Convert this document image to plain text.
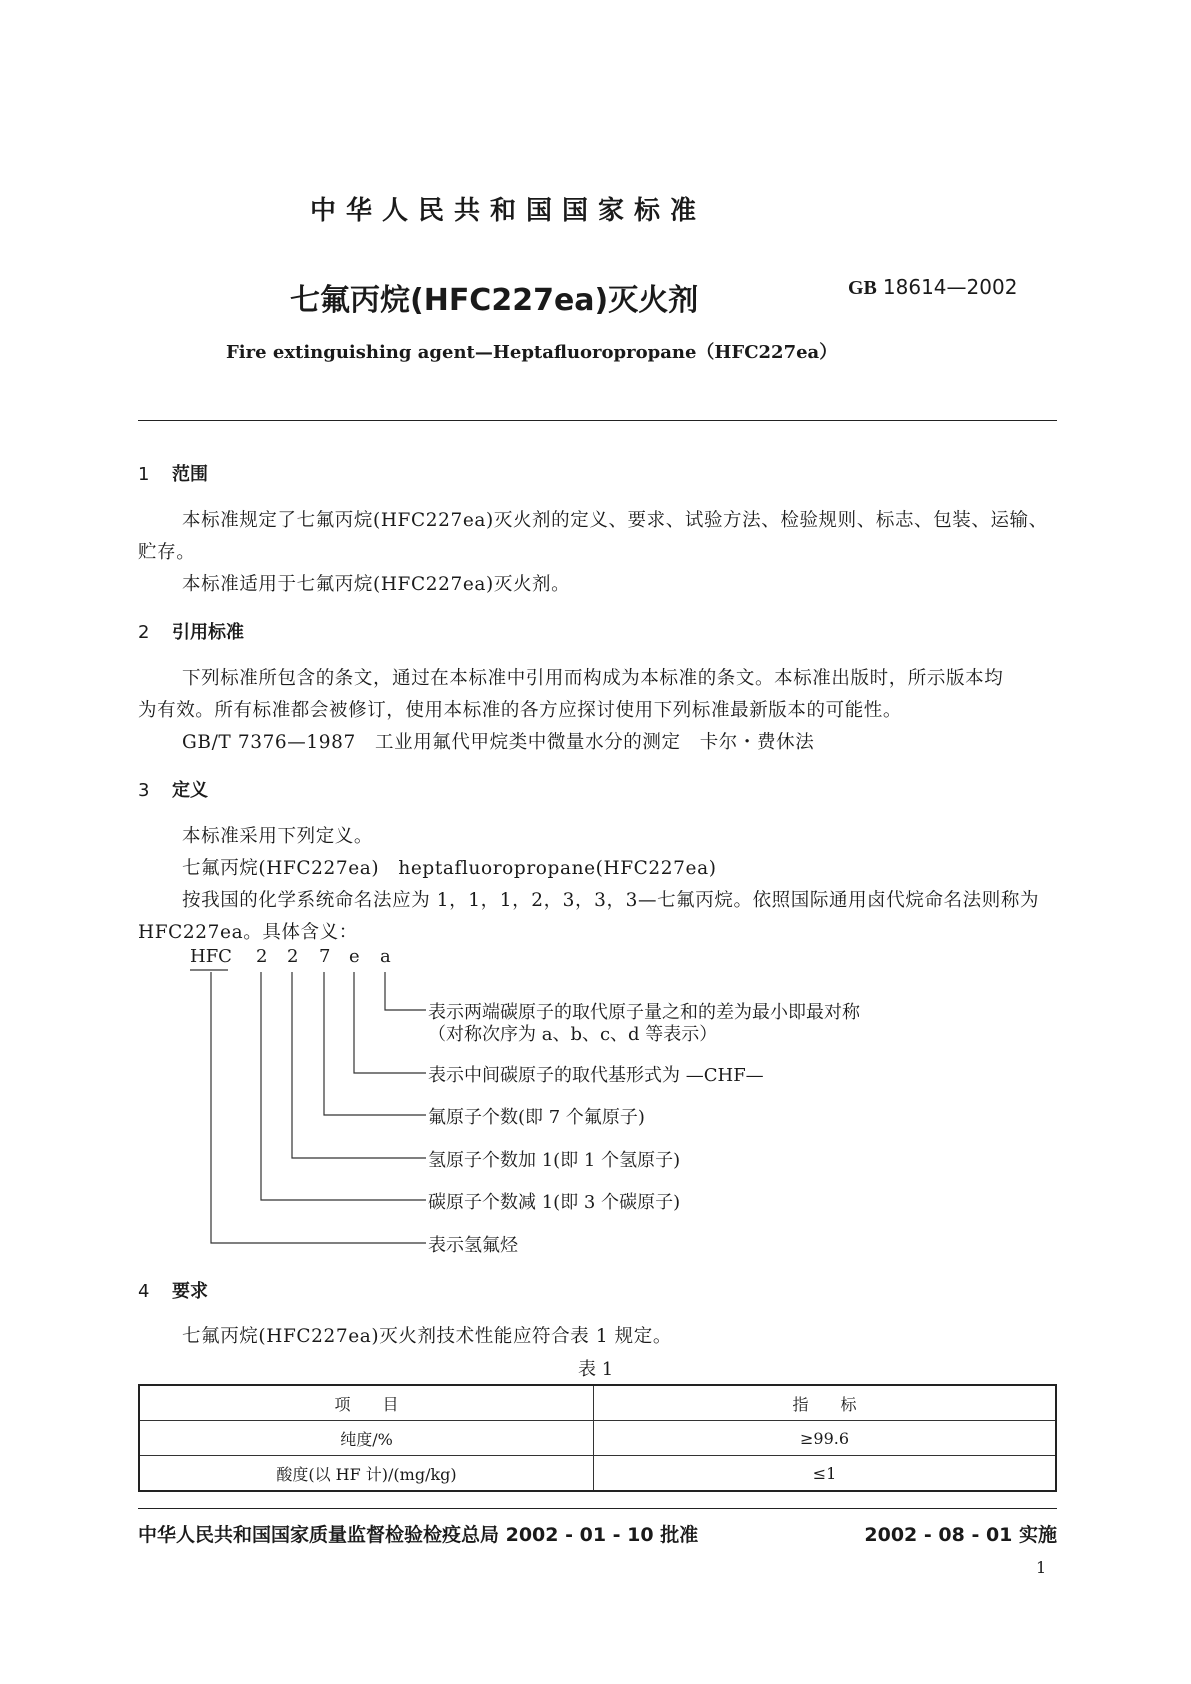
中华人民共和国国家标准
七氟丙烷(HFC227ea)灭火剂	GB 18614—2002
Fire extinguishing agent—Heptafluoropropane（HFC227ea）
1 范围
本标准规定了七氟丙烷(HFC227ea)灭火剂的定义、要求、试验方法、检验规则、标志、包装、运输、
贮存。
本标准适用于七氟丙烷(HFC227ea)灭火剂。
2 引用标准
下列标准所包含的条文，通过在本标准中引用而构成为本标准的条文。本标准出版时，所示版本均
为有效。所有标准都会被修订，使用本标准的各方应探讨使用下列标准最新版本的可能性。
GB/T 7376—1987　工业用氟代甲烷类中微量水分的测定　卡尔・费休法
3 定义
本标准采用下列定义。
七氟丙烷(HFC227ea)　heptafluoropropane(HFC227ea)
按我国的化学系统命名法应为 1，1，1，2，3，3，3—七氟丙烷。依照国际通用卤代烷命名法则称为
HFC227ea。具体含义：
HFC 2 2 7 e a
表示两端碳原子的取代原子量之和的差为最小即最对称
（对称次序为 a、b、c、d 等表示）
表示中间碳原子的取代基形式为 —CHF—
氟原子个数(即 7 个氟原子)
氢原子个数加 1(即 1 个氢原子)
碳原子个数减 1(即 3 个碳原子)
表示氢氟烃
4 要求
七氟丙烷(HFC227ea)灭火剂技术性能应符合表 1 规定。
表 1
项　　目	指　　标
纯度/%	≥99.6
酸度(以 HF 计)/(mg/kg)	≤1
中华人民共和国国家质量监督检验检疫总局 2002 - 01 - 10 批准	2002 - 08 - 01 实施
1
